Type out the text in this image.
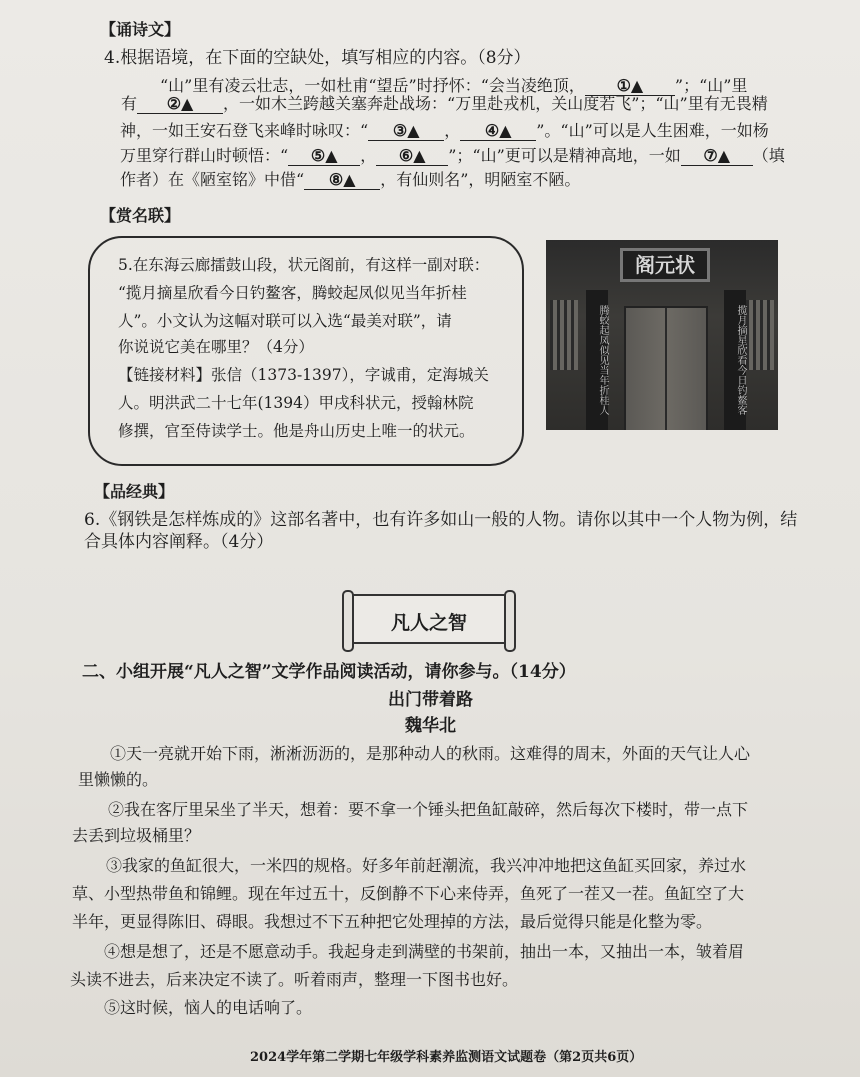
【诵诗文】
4.根据语境，在下面的空缺处，填写相应的内容。（8分）
“山”里有凌云壮志，一如杜甫“望岳”时抒怀：“会当凌绝顶， ①▲ ”；“山”里
有 ②▲ ，一如木兰跨越关塞奔赴战场：“万里赴戎机，关山度若飞”；“山”里有无畏精
神，一如王安石登飞来峰时咏叹：“ ③▲ ， ④▲ ”。“山”可以是人生困难，一如杨
万里穿行群山时顿悟：“ ⑤▲ ， ⑥▲ ”；“山”更可以是精神高地，一如 ⑦▲ （填
作者）在《陋室铭》中借“ ⑧▲ ，有仙则名”，明陋室不陋。
【赏名联】
5.在东海云廊擂鼓山段，状元阁前，有这样一副对联：
“揽月摘星欣看今日钓鳌客，腾蛟起凤似见当年折桂
人”。小文认为这幅对联可以入选“最美对联”，请
你说说它美在哪里？（4分）
【链接材料】张信（1373-1397），字诚甫，定海城关
人。明洪武二十七年(1394）甲戌科状元，授翰林院
修撰，官至侍读学士。他是舟山历史上唯一的状元。
阁元状
腾蛟起凤似见当年折桂人	揽月摘星欣看今日钓鳌客
【品经典】
6.《钢铁是怎样炼成的》这部名著中，也有许多如山一般的人物。请你以其中一个人物为例，结
合具体内容阐释。（4分）
凡人之智
二、小组开展“凡人之智”文学作品阅读活动，请你参与。（14分）
出门带着路
魏华北
①天一亮就开始下雨，淅淅沥沥的，是那种动人的秋雨。这难得的周末，外面的天气让人心
里懒懒的。
②我在客厅里呆坐了半天，想着：要不拿一个锤头把鱼缸敲碎，然后每次下楼时，带一点下
去丢到垃圾桶里？
③我家的鱼缸很大，一米四的规格。好多年前赶潮流，我兴冲冲地把这鱼缸买回家，养过水
草、小型热带鱼和锦鲤。现在年过五十，反倒静不下心来侍弄，鱼死了一茬又一茬。鱼缸空了大
半年，更显得陈旧、碍眼。我想过不下五种把它处理掉的方法，最后觉得只能是化整为零。
④想是想了，还是不愿意动手。我起身走到满壁的书架前，抽出一本，又抽出一本，皱着眉
头读不进去，后来决定不读了。听着雨声，整理一下图书也好。
⑤这时候，恼人的电话响了。
2024学年第二学期七年级学科素养监测语文试题卷（第2页共6页）
